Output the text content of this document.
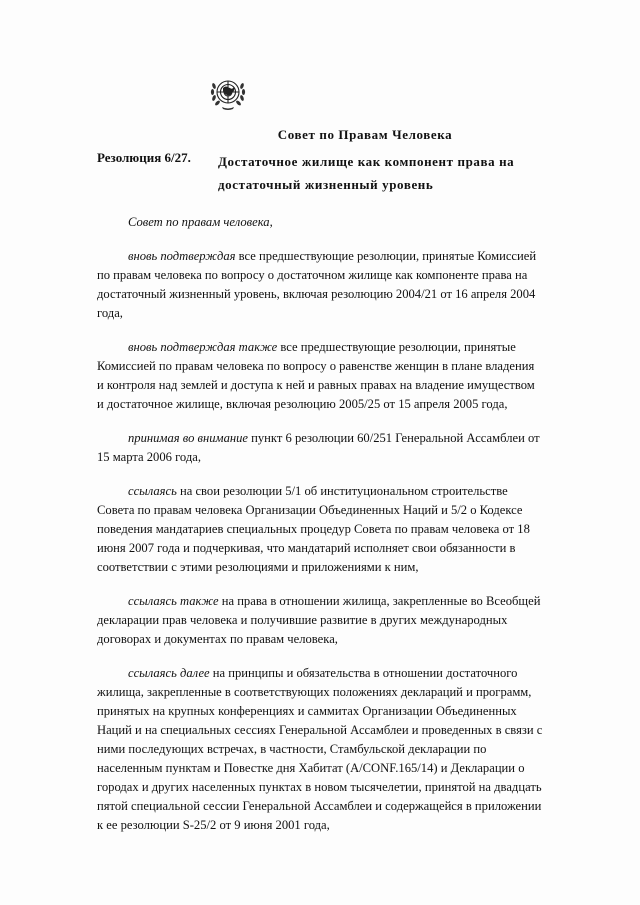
Совет по Правам Человека
Резолюция 6/27. Достаточное жилище как компонент права на достаточный жизненный уровень

Совет по правам человека,

вновь подтверждая все предшествующие резолюции, принятые Комиссией по правам человека по вопросу о достаточном жилище как компоненте права на достаточный жизненный уровень, включая резолюцию 2004/21 от 16 апреля 2004 года,

вновь подтверждая также все предшествующие резолюции, принятые Комиссией по правам человека по вопросу о равенстве женщин в плане владения и контроля над землей и доступа к ней и равных правах на владение имуществом и достаточное жилище, включая резолюцию 2005/25 от 15 апреля 2005 года,

принимая во внимание пункт 6 резолюции 60/251 Генеральной Ассамблеи от 15 марта 2006 года,

ссылаясь на свои резолюции 5/1 об институциональном строительстве Совета по правам человека Организации Объединенных Наций и 5/2 о Кодексе поведения мандатариев специальных процедур Совета по правам человека от 18 июня 2007 года и подчеркивая, что мандатарий исполняет свои обязанности в соответствии с этими резолюциями и приложениями к ним,

ссылаясь также на права в отношении жилища, закрепленные во Всеобщей декларации прав человека и получившие развитие в других международных договорах и документах по правам человека,

ссылаясь далее на принципы и обязательства в отношении достаточного жилища, закрепленные в соответствующих положениях деклараций и программ, принятых на крупных конференциях и саммитах Организации Объединенных Наций и на специальных сессиях Генеральной Ассамблеи и проведенных в связи с ними последующих встречах, в частности, Стамбульской декларации по населенным пунктам и Повестке дня Хабитат (A/CONF.165/14) и Декларации о городах и других населенных пунктах в новом тысячелетии, принятой на двадцать пятой специальной сессии Генеральной Ассамблеи и содержащейся в приложении к ее резолюции S-25/2 от 9 июня 2001 года,
